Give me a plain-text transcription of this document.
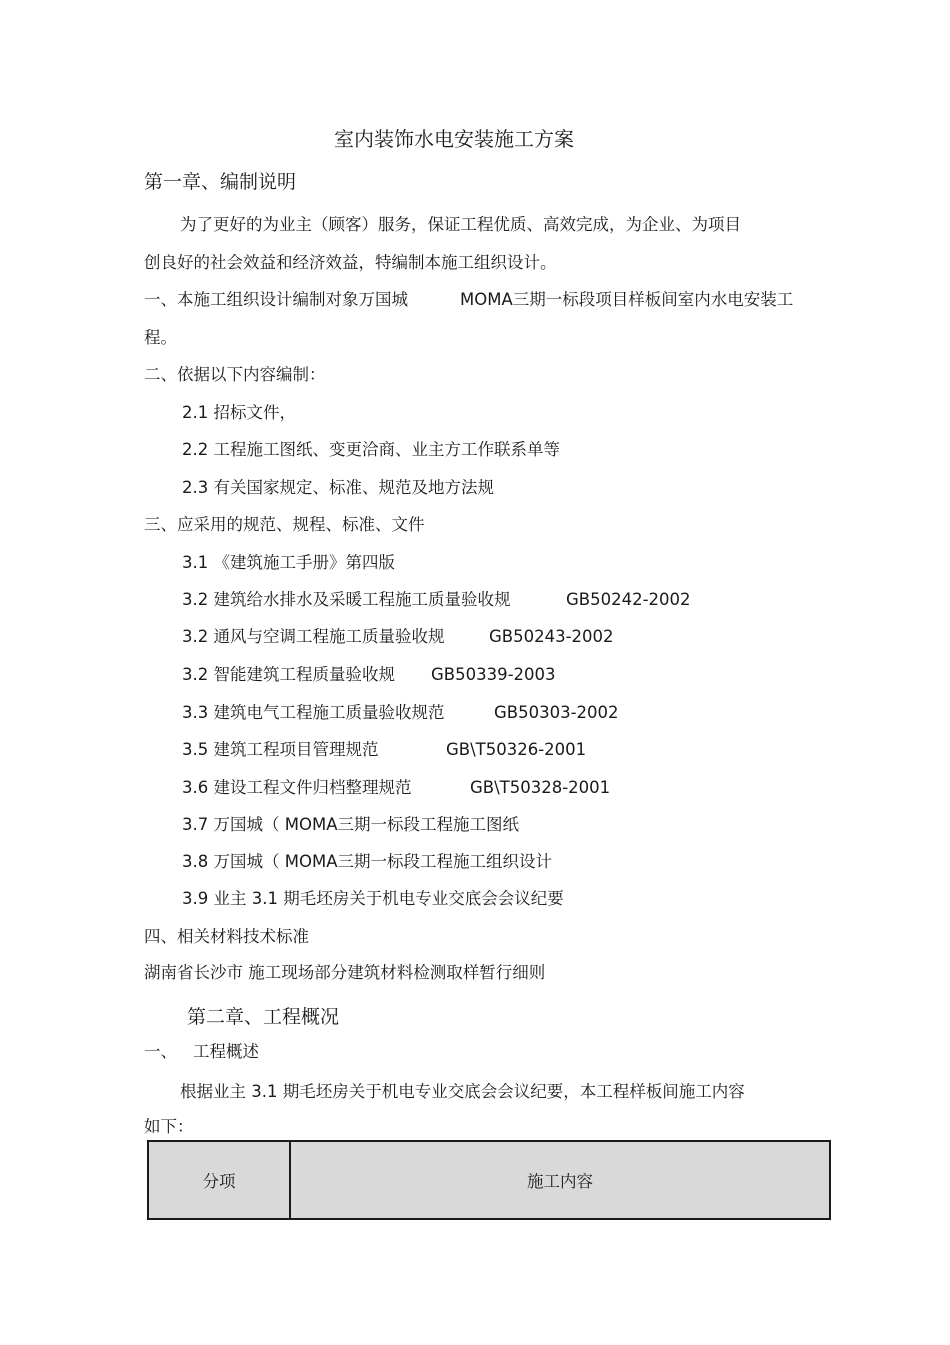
室内装饰水电安装施工方案
第一章、编制说明
为了更好的为业主（顾客）服务，保证工程优质、高效完成，为企业、为项目
创良好的社会效益和经济效益，特编制本施工组织设计。
一、本施工组织设计编制对象万国城	MOMA三期一标段项目样板间室内水电安装工
程。
二、依据以下内容编制：
2.1 招标文件，
2.2 工程施工图纸、变更洽商、业主方工作联系单等
2.3 有关国家规定、标准、规范及地方法规
三、应采用的规范、规程、标准、文件
3.1 《建筑施工手册》第四版
3.2 建筑给水排水及采暖工程施工质量验收规	GB50242-2002
3.2 通风与空调工程施工质量验收规	GB50243-2002
3.2 智能建筑工程质量验收规 GB50339-2003
3.3 建筑电气工程施工质量验收规范	GB50303-2002
3.5 建筑工程项目管理规范	GB\T50326-2001
3.6 建设工程文件归档整理规范	GB\T50328-2001
3.7 万国城（ MOMA三期一标段工程施工图纸
3.8 万国城（ MOMA三期一标段工程施工组织设计
3.9 业主 3.1 期毛坯房关于机电专业交底会会议纪要
四、相关材料技术标准
湖南省长沙市 施工现场部分建筑材料检测取样暂行细则
第二章、工程概况
一、 工程概述
根据业主 3.1 期毛坯房关于机电专业交底会会议纪要，本工程样板间施工内容
如下：
分项	施工内容
